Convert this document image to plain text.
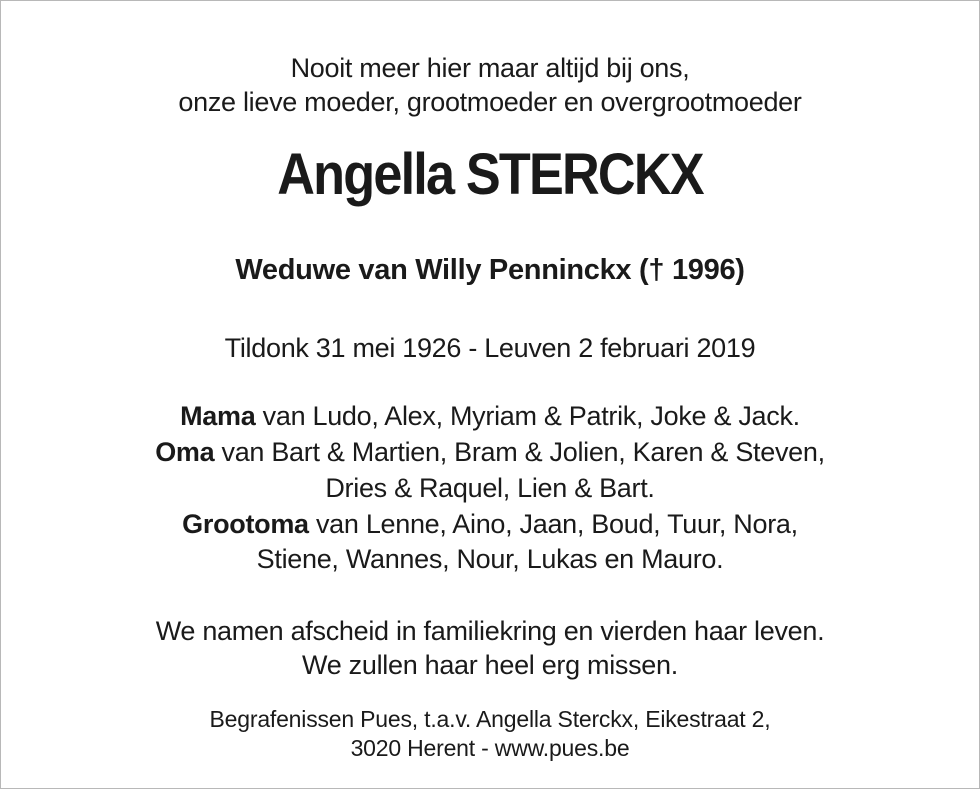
Nooit meer hier maar altijd bij ons,
onze lieve moeder, grootmoeder en overgrootmoeder
Angella STERCKX
Weduwe van Willy Penninckx († 1996)
Tildonk 31 mei 1926 - Leuven 2 februari 2019
Mama van Ludo, Alex, Myriam & Patrik, Joke & Jack.
Oma van Bart & Martien, Bram & Jolien, Karen & Steven,
Dries & Raquel, Lien & Bart.
Grootoma van Lenne, Aino, Jaan, Boud, Tuur, Nora,
Stiene, Wannes, Nour, Lukas en Mauro.
We namen afscheid in familiekring en vierden haar leven.
We zullen haar heel erg missen.
Begrafenissen Pues, t.a.v. Angella Sterckx, Eikestraat 2,
3020 Herent - www.pues.be
